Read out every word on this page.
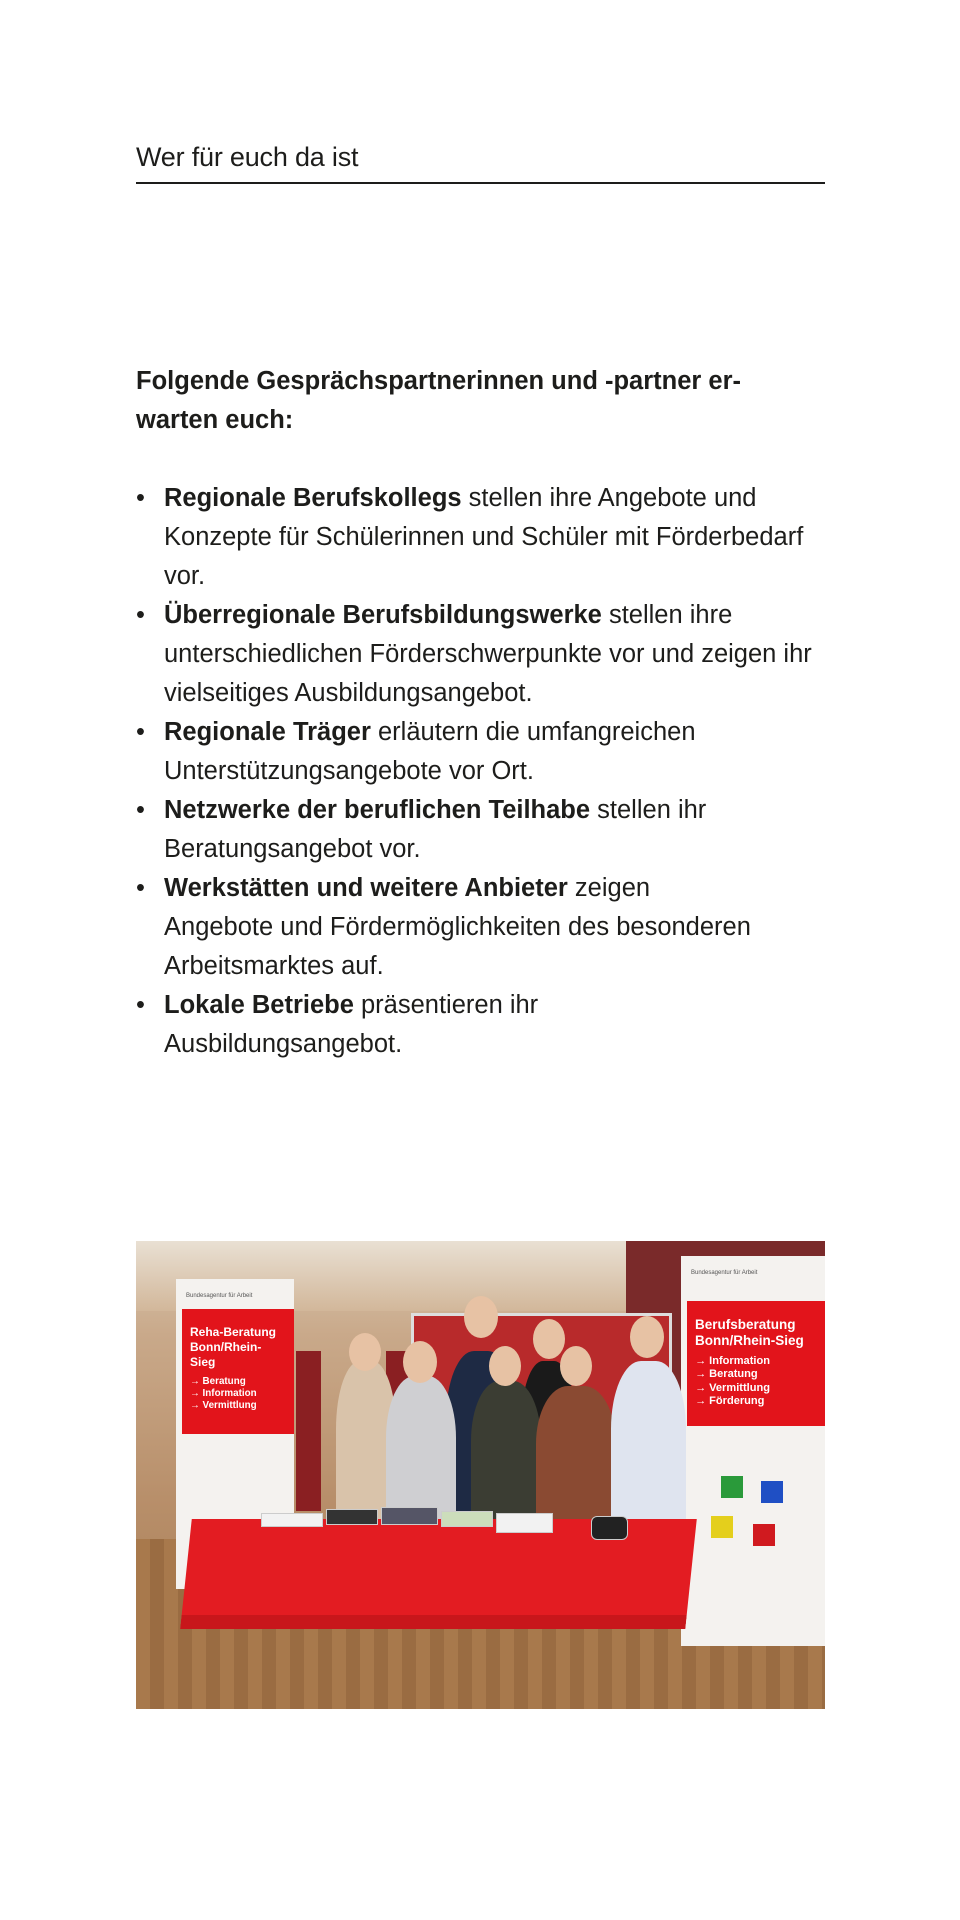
Wer für euch da ist
Folgende Gesprächspartnerinnen und -partner er-
warten euch:
• Regionale Berufskollegs stellen ihre Angebote und Konzepte für Schülerinnen und Schüler mit Förderbedarf vor.
• Überregionale Berufsbildungswerke stellen ihre unterschiedlichen Förderschwerpunkte vor und zeigen ihr vielseitiges Ausbildungsangebot.
• Regionale Träger erläutern die umfangreichen Unterstützungsangebote vor Ort.
• Netzwerke der beruflichen Teilhabe stellen ihr Beratungsangebot vor.
• Werkstätten und weitere Anbieter zeigen Angebote und Fördermöglichkeiten des besonderen Arbeitsmarktes auf.
• Lokale Betriebe präsentieren ihr Ausbildungsangebot.
Bundesagentur für Arbeit
Reha-Beratung Bonn/Rhein-Sieg
→ Beratung
→ Information
→ Vermittlung
Bundesagentur für Arbeit
Berufsberatung Bonn/Rhein-Sieg
→ Information
→ Beratung
→ Vermittlung
→ Förderung
